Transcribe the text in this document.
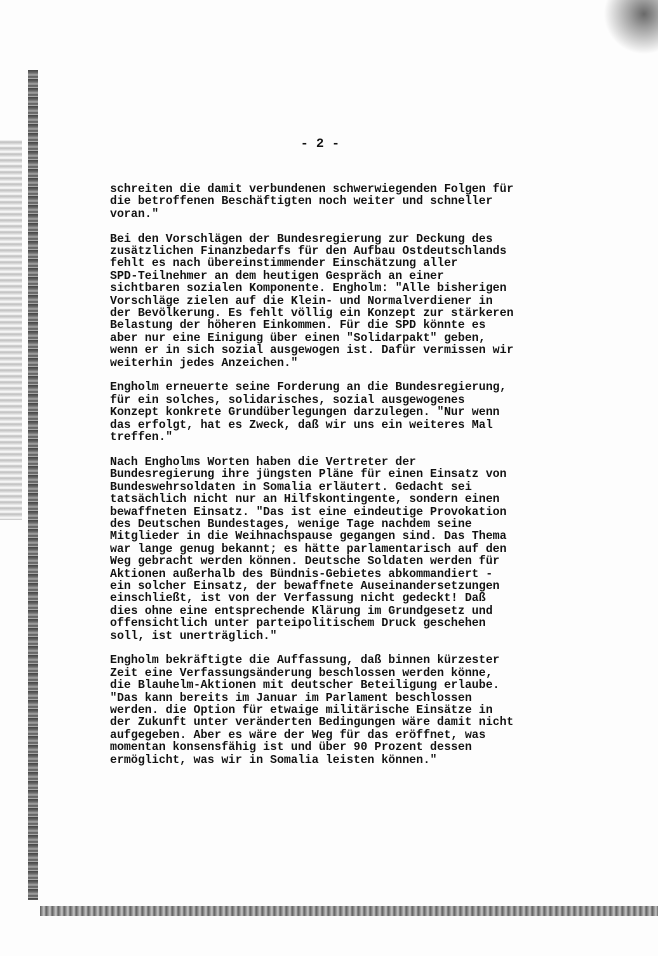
- 2 -
schreiten die damit verbundenen schwerwiegenden Folgen für
die betroffenen Beschäftigten noch weiter und schneller
voran."
Bei den Vorschlägen der Bundesregierung zur Deckung des
zusätzlichen Finanzbedarfs für den Aufbau Ostdeutschlands
fehlt es nach übereinstimmender Einschätzung aller
SPD-Teilnehmer an dem heutigen Gespräch an einer
sichtbaren sozialen Komponente. Engholm: "Alle bisherigen
Vorschläge zielen auf die Klein- und Normalverdiener in
der Bevölkerung. Es fehlt völlig ein Konzept zur stärkeren
Belastung der höheren Einkommen. Für die SPD könnte es
aber nur eine Einigung über einen "Solidarpakt" geben,
wenn er in sich sozial ausgewogen ist. Dafür vermissen wir
weiterhin jedes Anzeichen."
Engholm erneuerte seine Forderung an die Bundesregierung,
für ein solches, solidarisches, sozial ausgewogenes
Konzept konkrete Grundüberlegungen darzulegen. "Nur wenn
das erfolgt, hat es Zweck, daß wir uns ein weiteres Mal
treffen."
Nach Engholms Worten haben die Vertreter der
Bundesregierung ihre jüngsten Pläne für einen Einsatz von
Bundeswehrsoldaten in Somalia erläutert. Gedacht sei
tatsächlich nicht nur an Hilfskontingente, sondern einen
bewaffneten Einsatz. "Das ist eine eindeutige Provokation
des Deutschen Bundestages, wenige Tage nachdem seine
Mitglieder in die Weihnachspause gegangen sind. Das Thema
war lange genug bekannt; es hätte parlamentarisch auf den
Weg gebracht werden können. Deutsche Soldaten werden für
Aktionen außerhalb des Bündnis-Gebietes abkommandiert -
ein solcher Einsatz, der bewaffnete Auseinandersetzungen
einschließt, ist von der Verfassung nicht gedeckt! Daß
dies ohne eine entsprechende Klärung im Grundgesetz und
offensichtlich unter parteipolitischem Druck geschehen
soll, ist unerträglich."
Engholm bekräftigte die Auffassung, daß binnen kürzester
Zeit eine Verfassungsänderung beschlossen werden könne,
die Blauhelm-Aktionen mit deutscher Beteiligung erlaube.
"Das kann bereits im Januar im Parlament beschlossen
werden. die Option für etwaige militärische Einsätze in
der Zukunft unter veränderten Bedingungen wäre damit nicht
aufgegeben. Aber es wäre der Weg für das eröffnet, was
momentan konsensfähig ist und über 90 Prozent dessen
ermöglicht, was wir in Somalia leisten können."
